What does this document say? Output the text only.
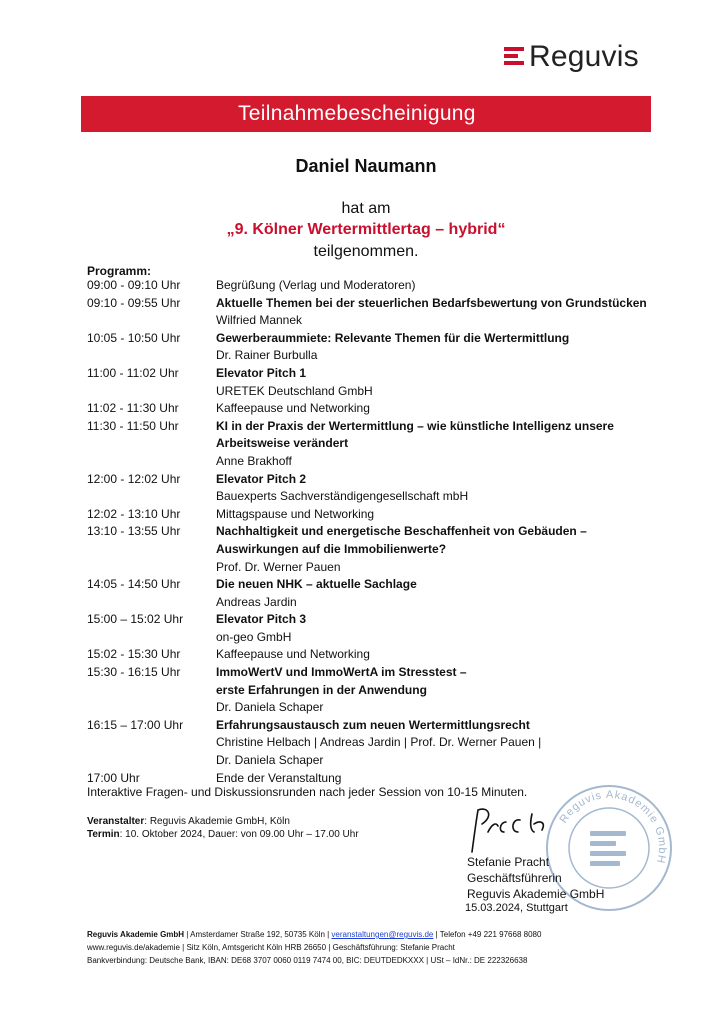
Reguvis
Teilnahmebescheinigung
Daniel Naumann
hat am
„9. Kölner Wertermittlertag – hybrid“
teilgenommen.
Programm:
09:00 - 09:10 Uhr	Begrüßung (Verlag und Moderatoren)
09:10 - 09:55 Uhr	Aktuelle Themen bei der steuerlichen Bedarfsbewertung von Grundstücken
Wilfried Mannek
10:05 - 10:50 Uhr	Gewerberaummiete: Relevante Themen für die Wertermittlung
Dr. Rainer Burbulla
11:00 - 11:02 Uhr	Elevator Pitch 1
URETEK Deutschland GmbH
11:02 - 11:30 Uhr	Kaffeepause und Networking
11:30 - 11:50 Uhr	KI in der Praxis der Wertermittlung – wie künstliche Intelligenz unsere
Arbeitsweise verändert
Anne Brakhoff
12:00 - 12:02 Uhr	Elevator Pitch 2
Bauexperts Sachverständigengesellschaft mbH
12:02 - 13:10 Uhr	Mittagspause und Networking
13:10 - 13:55 Uhr	Nachhaltigkeit und energetische Beschaffenheit von Gebäuden –
Auswirkungen auf die Immobilienwerte?
Prof. Dr. Werner Pauen
14:05 - 14:50 Uhr	Die neuen NHK – aktuelle Sachlage
Andreas Jardin
15:00 – 15:02 Uhr	Elevator Pitch 3
on-geo GmbH
15:02 - 15:30 Uhr	Kaffeepause und Networking
15:30 - 16:15 Uhr	ImmoWertV und ImmoWertA im Stresstest –
erste Erfahrungen in der Anwendung
Dr. Daniela Schaper
16:15 – 17:00 Uhr	Erfahrungsaustausch zum neuen Wertermittlungsrecht
Christine Helbach | Andreas Jardin | Prof. Dr. Werner Pauen |
Dr. Daniela Schaper
17:00 Uhr	Ende der Veranstaltung
Interaktive Fragen- und Diskussionsrunden nach jeder Session von 10-15 Minuten.
Veranstalter: Reguvis Akademie GmbH, Köln
Termin: 10. Oktober 2024, Dauer: von 09.00 Uhr – 17.00 Uhr
Reguvis Akademie GmbH
Stefanie Pracht
Geschäftsführerin
Reguvis Akademie GmbH
15.03.2024, Stuttgart
Reguvis Akademie GmbH | Amsterdamer Straße 192, 50735 Köln | veranstaltungen@reguvis.de | Telefon +49 221 97668 8080
www.reguvis.de/akademie | Sitz Köln, Amtsgericht Köln HRB 26650 | Geschäftsführung: Stefanie Pracht
Bankverbindung: Deutsche Bank, IBAN: DE68 3707 0060 0119 7474 00, BIC: DEUTDEDKXXX | USt – IdNr.: DE 222326638
